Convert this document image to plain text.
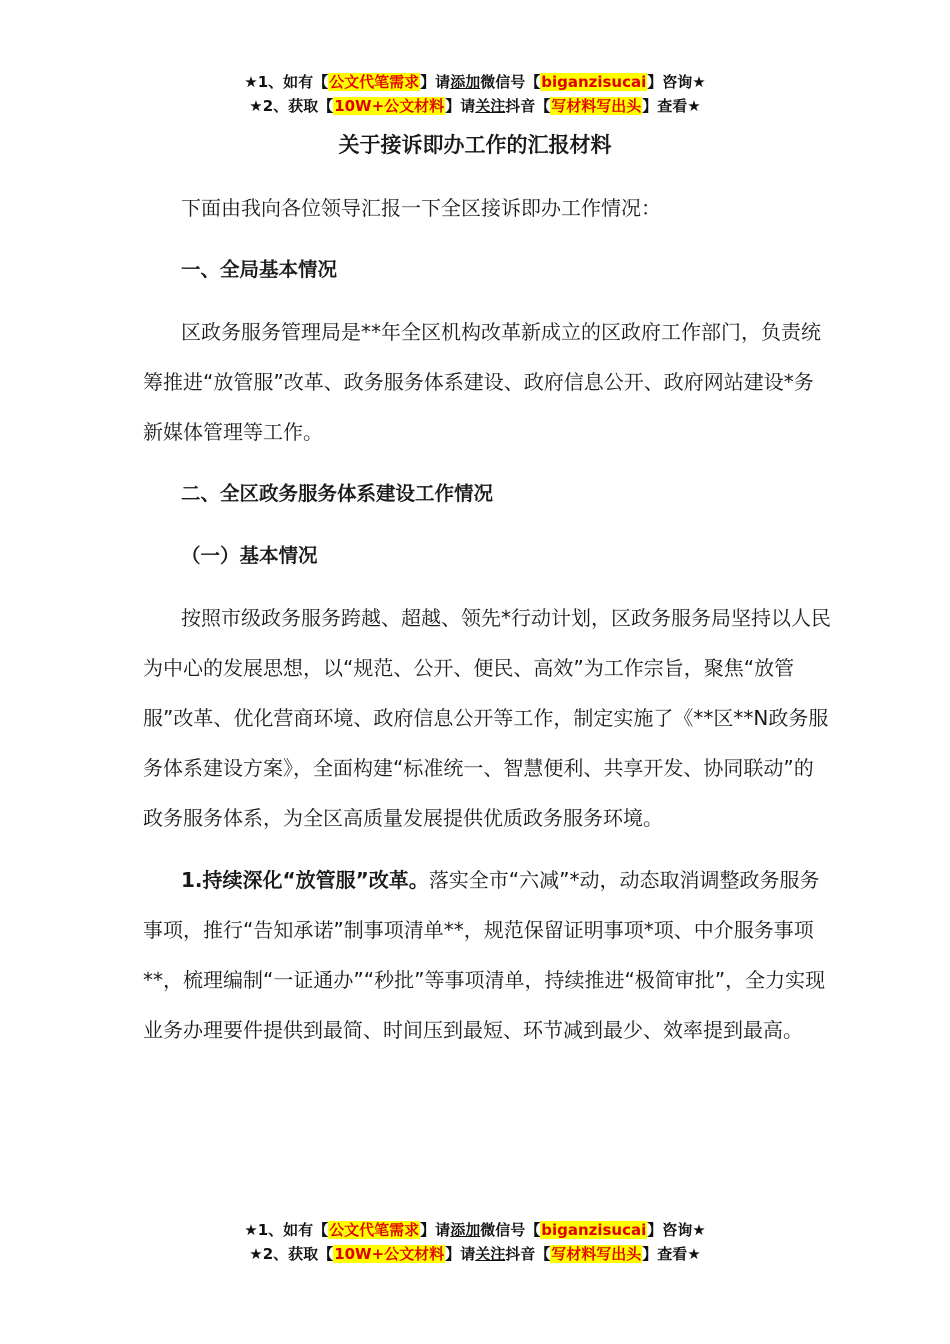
★1、如有【公文代笔需求】请添加微信号【biganzisucai】咨询★
★2、获取【10W+公文材料】请关注抖音【写材料写出头】查看★
关于接诉即办工作的汇报材料

下面由我向各位领导汇报一下全区接诉即办工作情况：

一、全局基本情况

区政务服务管理局是**年全区机构改革新成立的区政府工作部门，负责统筹推进“放管服”改革、政务服务体系建设、政府信息公开、政府网站建设*务新媒体管理等工作。

二、全区政务服务体系建设工作情况

（一）基本情况

按照市级政务服务跨越、超越、领先*行动计划，区政务服务局坚持以人民为中心的发展思想，以“规范、公开、便民、高效”为工作宗旨，聚焦“放管服”改革、优化营商环境、政府信息公开等工作，制定实施了《**区**N政务服务体系建设方案》，全面构建“标准统一、智慧便利、共享开发、协同联动”的政务服务体系，为全区高质量发展提供优质政务服务环境。

1.持续深化“放管服”改革。落实全市“六减”*动，动态取消调整政务服务事项，推行“告知承诺”制事项清单**，规范保留证明事项*项、中介服务事项**，梳理编制“一证通办”“秒批”等事项清单，持续推进“极简审批”，全力实现业务办理要件提供到最简、时间压到最短、环节减到最少、效率提到最高。

★1、如有【公文代笔需求】请添加微信号【biganzisucai】咨询★
★2、获取【10W+公文材料】请关注抖音【写材料写出头】查看★
